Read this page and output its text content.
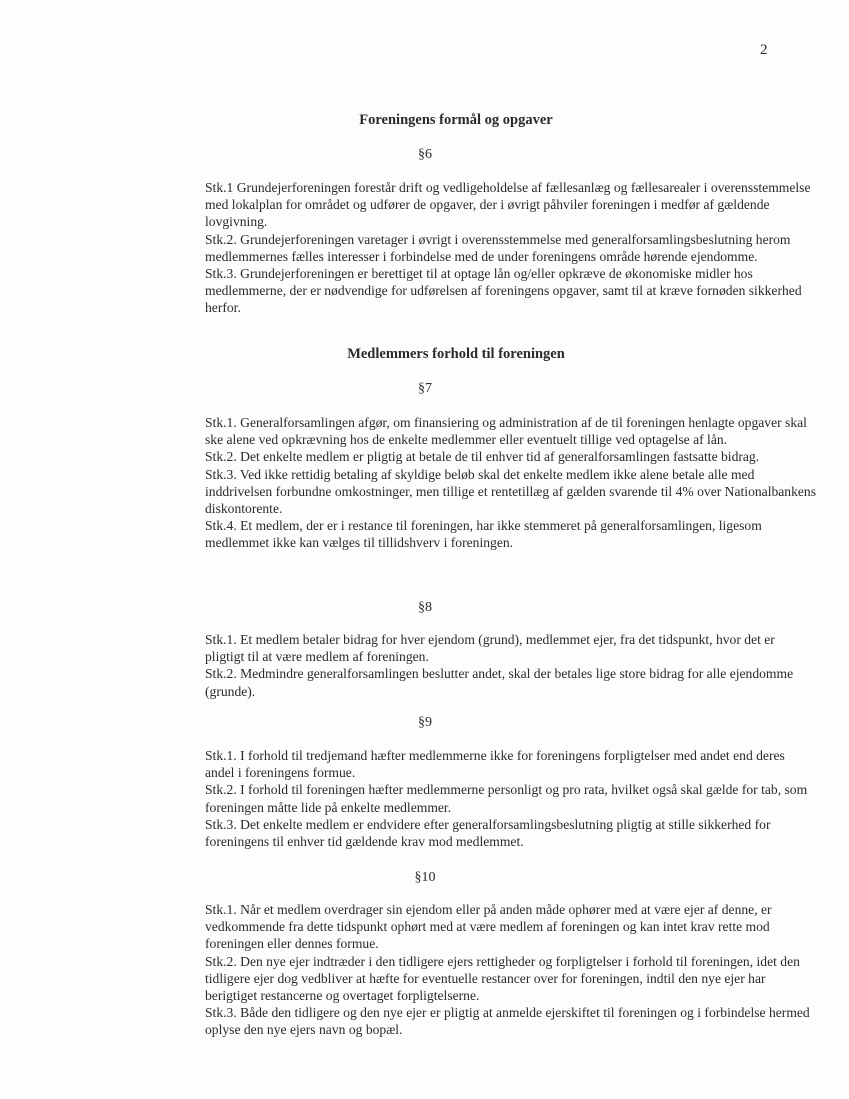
2
Foreningens formål og opgaver
§6

Stk.1 Grundejerforeningen forestår drift og vedligeholdelse af fællesanlæg og fællesarealer i overensstemmelse med lokalplan for området og udfører de opgaver, der i øvrigt påhviler foreningen i medfør af gældende lovgivning.

Stk.2. Grundejerforeningen varetager i øvrigt i overensstemmelse med generalforsamlingsbeslutning herom medlemmernes fælles interesser i forbindelse med de under foreningens område hørende ejendomme.

Stk.3. Grundejerforeningen er berettiget til at optage lån og/eller opkræve de økonomiske midler hos medlemmerne, der er nødvendige for udførelsen af foreningens opgaver, samt til at kræve fornøden sikkerhed herfor.

Medlemmers forhold til foreningen
§7

Stk.1. Generalforsamlingen afgør, om finansiering og administration af de til foreningen henlagte opgaver skal ske alene ved opkrævning hos de enkelte medlemmer eller eventuelt tillige ved optagelse af lån.

Stk.2. Det enkelte medlem er pligtig at betale de til enhver tid af generalforsamlingen fastsatte bidrag.

Stk.3. Ved ikke rettidig betaling af skyldige beløb skal det enkelte medlem ikke alene betale alle med inddrivelsen forbundne omkostninger, men tillige et rentetillæg af gælden svarende til 4% over Nationalbankens diskontorente.

Stk.4. Et medlem, der er i restance til foreningen, har ikke stemmeret på generalforsamlingen, ligesom medlemmet ikke kan vælges til tillidshverv i foreningen.

§8

Stk.1. Et medlem betaler bidrag for hver ejendom (grund), medlemmet ejer, fra det tidspunkt, hvor det er pligtigt til at være medlem af foreningen.

Stk.2. Medmindre generalforsamlingen beslutter andet, skal der betales lige store bidrag for alle ejendomme (grunde).

§9

Stk.1. I forhold til tredjemand hæfter medlemmerne ikke for foreningens forpligtelser med andet end deres andel i foreningens formue.

Stk.2. I forhold til foreningen hæfter medlemmerne personligt og pro rata, hvilket også skal gælde for tab, som foreningen måtte lide på enkelte medlemmer.

Stk.3. Det enkelte medlem er endvidere efter generalforsamlingsbeslutning pligtig at stille sikkerhed for foreningens til enhver tid gældende krav mod medlemmet.

§10

Stk.1. Når et medlem overdrager sin ejendom eller på anden måde ophører med at være ejer af denne, er vedkommende fra dette tidspunkt ophørt med at være medlem af foreningen og kan intet krav rette mod foreningen eller dennes formue.

Stk.2. Den nye ejer indtræder i den tidligere ejers rettigheder og forpligtelser i forhold til foreningen, idet den tidligere ejer dog vedbliver at hæfte for eventuelle restancer over for foreningen, indtil den nye ejer har berigtiget restancerne og overtaget forpligtelserne.

Stk.3. Både den tidligere og den nye ejer er pligtig at anmelde ejerskiftet til foreningen og i forbindelse hermed oplyse den nye ejers navn og bopæl.
